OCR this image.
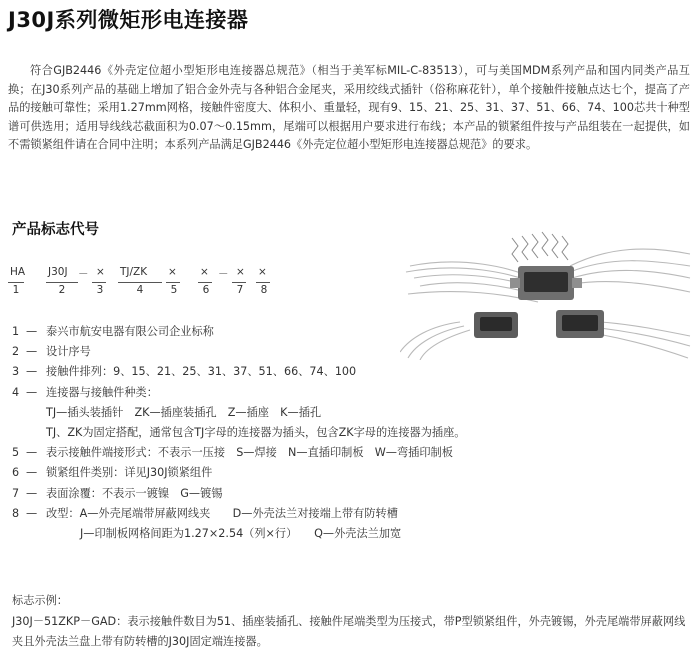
J30J系列微矩形电连接器

符合GJB2446《外壳定位超小型矩形电连接器总规范》（相当于美军标MIL-C-83513），可与美国MDM系列产品和国内同类产品互换；在J30系列产品的基础上增加了铝合金外壳与各种铝合金尾夹，采用绞线式插针（俗称麻花针），单个接触件接触点达七个，提高了产品的接触可靠性；采用1.27mm网格，接触件密度大、体积小、重量轻，现有9、15、21、25、31、37、51、66、74、100芯共十种型谱可供选用；适用导线线芯截面积为0.07～0.15mm，尾端可以根据用户要求进行布线；本产品的锁紧组件按与产品组装在一起提供，如不需锁紧组件请在合同中注明；本系列产品满足GJB2446《外壳定位超小型矩形电连接器总规范》的要求。

产品标志代号
HA J30J － × TJ/ZK × × － × ×
1	2	3	4	5 6	7 8
1 — 泰兴市航安电器有限公司企业标称
2 — 设计序号
3 — 接触件排列：9、15、21、25、31、37、51、66、74、100
4 — 连接器与接触件种类：
TJ—插头装插针　ZK—插座装插孔　Z—插座　K—插孔
TJ、ZK为固定搭配，通常包含TJ字母的连接器为插头，包含ZK字母的连接器为插座。
5 — 表示接触件端接形式：不表示一压接　S—焊接　N—直插印制板　W—弯插印制板
6 — 锁紧组件类别：详见J30J锁紧组件
7 — 表面涂覆：不表示一镀镍　G—镀锡
8 — 改型：A—外壳尾端带屏蔽网线夹　　D—外壳法兰对接端上带有防转槽
J—印制板网格间距为1.27×2.54（列×行）　　Q—外壳法兰加宽
标志示例：

J30J－51ZKP－GAD：表示接触件数目为51、插座装插孔、接触件尾端类型为压接式，带P型锁紧组件，外壳镀锡，外壳尾端带屏蔽网线夹且外壳法兰盘上带有防转槽的J30J固定端连接器。
